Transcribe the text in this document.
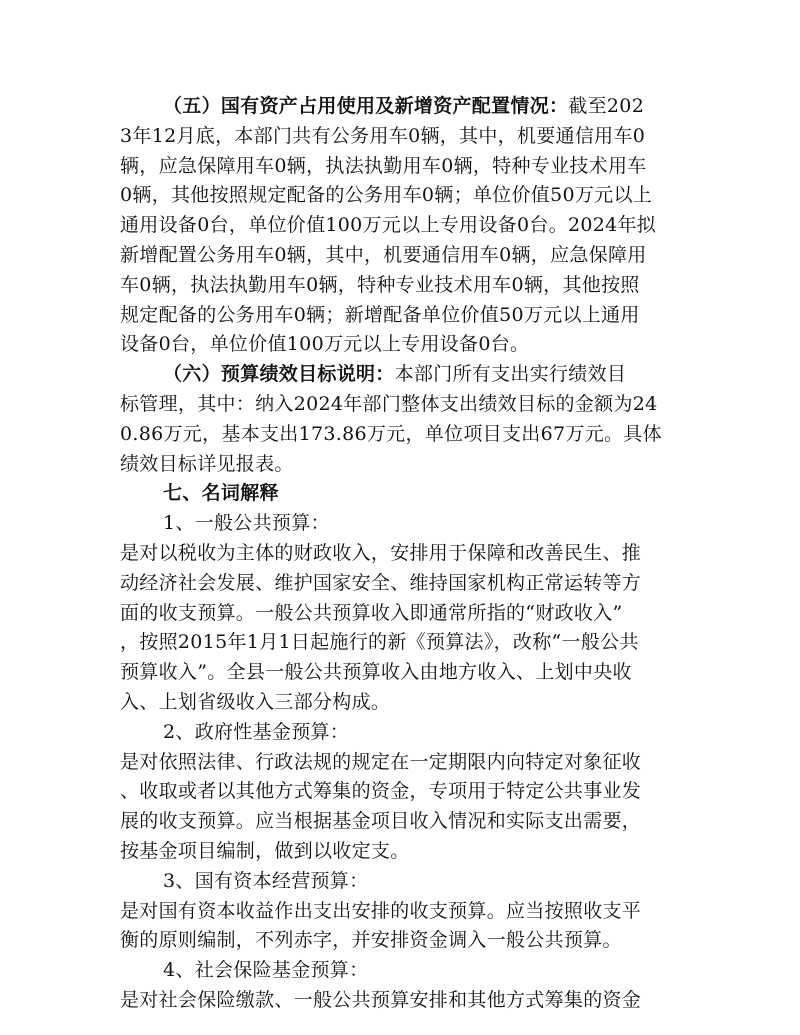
（五）国有资产占用使用及新增资产配置情况：截至202
3年12月底，本部门共有公务用车0辆，其中，机要通信用车0
辆，应急保障用车0辆，执法执勤用车0辆，特种专业技术用车
0辆，其他按照规定配备的公务用车0辆；单位价值50万元以上
通用设备0台，单位价值100万元以上专用设备0台。2024年拟
新增配置公务用车0辆，其中，机要通信用车0辆，应急保障用
车0辆，执法执勤用车0辆，特种专业技术用车0辆，其他按照
规定配备的公务用车0辆；新增配备单位价值50万元以上通用
设备0台，单位价值100万元以上专用设备0台。
（六）预算绩效目标说明：本部门所有支出实行绩效目
标管理，其中：纳入2024年部门整体支出绩效目标的金额为24
0.86万元，基本支出173.86万元，单位项目支出67万元。具体
绩效目标详见报表。
七、名词解释
1、一般公共预算：
是对以税收为主体的财政收入，安排用于保障和改善民生、推
动经济社会发展、维护国家安全、维持国家机构正常运转等方
面的收支预算。一般公共预算收入即通常所指的“财政收入”
，按照2015年1月1日起施行的新《预算法》，改称“一般公共
预算收入”。全县一般公共预算收入由地方收入、上划中央收
入、上划省级收入三部分构成。
2、政府性基金预算：
是对依照法律、行政法规的规定在一定期限内向特定对象征收
、收取或者以其他方式筹集的资金，专项用于特定公共事业发
展的收支预算。应当根据基金项目收入情况和实际支出需要，
按基金项目编制，做到以收定支。
3、国有资本经营预算：
是对国有资本收益作出支出安排的收支预算。应当按照收支平
衡的原则编制，不列赤字，并安排资金调入一般公共预算。
4、社会保险基金预算：
是对社会保险缴款、一般公共预算安排和其他方式筹集的资金
